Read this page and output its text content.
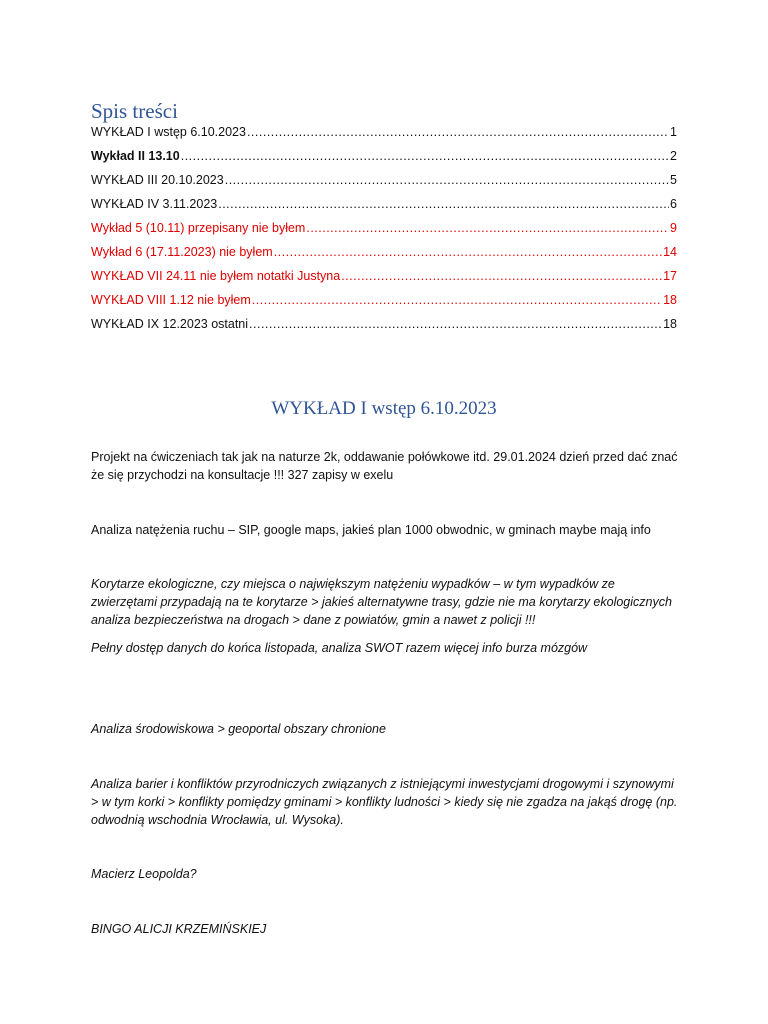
Spis treści
WYKŁAD I wstęp 6.10.2023 .....	1
Wykład II 13.10 .....	2
WYKŁAD III 20.10.2023 .....	5
WYKŁAD IV 3.11.2023 .....	6
Wykład 5 (10.11) przepisany nie byłem .....	9
Wykład 6 (17.11.2023) nie byłem .....	14
WYKŁAD VII 24.11 nie byłem notatki Justyna .....	17
WYKŁAD VIII 1.12 nie byłem .....	18
WYKŁAD IX 12.2023 ostatni .....	18
WYKŁAD I wstęp 6.10.2023

Projekt na ćwiczeniach tak jak na naturze 2k, oddawanie połówkowe itd. 29.01.2024 dzień przed dać znać że się przychodzi na konsultacje !!! 327 zapisy w exelu

Analiza natężenia ruchu – SIP, google maps, jakieś plan 1000 obwodnic, w gminach maybe mają info

Korytarze ekologiczne, czy miejsca o największym natężeniu wypadków – w tym wypadków ze zwierzętami przypadają na te korytarze > jakieś alternatywne trasy, gdzie nie ma korytarzy ekologicznych analiza bezpieczeństwa na drogach > dane z powiatów, gmin a nawet z policji !!!

Pełny dostęp danych do końca listopada, analiza SWOT razem więcej info burza mózgów

Analiza środowiskowa > geoportal obszary chronione

Analiza barier i konfliktów przyrodniczych związanych z istniejącymi inwestycjami drogowymi i szynowymi > w tym korki > konflikty pomiędzy gminami > konflikty ludności > kiedy się nie zgadza na jakąś drogę (np. odwodnią wschodnia Wrocławia, ul. Wysoka).

Macierz Leopolda?

BINGO ALICJI KRZEMIŃSKIEJ
